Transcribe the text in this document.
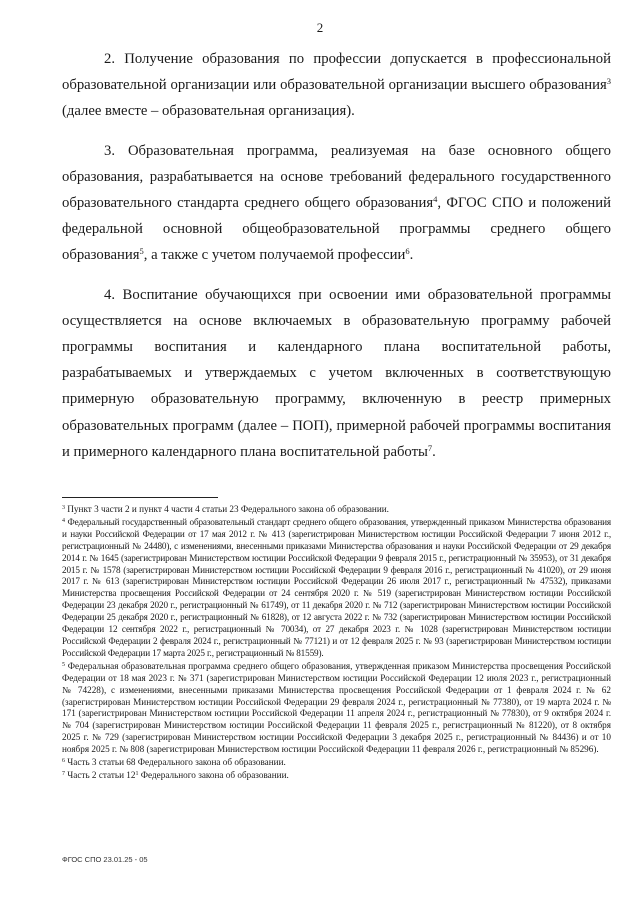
2

2. Получение образования по профессии допускается в профессиональной образовательной организации или образовательной организации высшего образования$^3$ (далее вместе – образовательная организация).

3. Образовательная программа, реализуемая на базе основного общего образования, разрабатывается на основе требований федерального государственного образовательного стандарта среднего общего образования$^4$, ФГОС СПО и положений федеральной основной общеобразовательной программы среднего общего образования$^5$, а также с учетом получаемой профессии$^6$.

4. Воспитание обучающихся при освоении ими образовательной программы осуществляется на основе включаемых в образовательную программу рабочей программы воспитания и календарного плана воспитательной работы, разрабатываемых и утверждаемых с учетом включенных в соответствующую примерную образовательную программу, включенную в реестр примерных образовательных программ (далее – ПОП), примерной рабочей программы воспитания и примерного календарного плана воспитательной работы$^7$.

$^3$ Пункт 3 части 2 и пункт 4 части 4 статьи 23 Федерального закона об образовании.

$^4$ Федеральный государственный образовательный стандарт среднего общего образования, утвержденный приказом Министерства образования и науки Российской Федерации от 17 мая 2012 г. № 413 (зарегистрирован Министерством юстиции Российской Федерации 7 июня 2012 г., регистрационный № 24480), с изменениями, внесенными приказами Министерства образования и науки Российской Федерации от 29 декабря 2014 г. № 1645 (зарегистрирован Министерством юстиции Российской Федерации 9 февраля 2015 г., регистрационный № 35953), от 31 декабря 2015 г. № 1578 (зарегистрирован Министерством юстиции Российской Федерации 9 февраля 2016 г., регистрационный № 41020), от 29 июня 2017 г. № 613 (зарегистрирован Министерством юстиции Российской Федерации 26 июля 2017 г., регистрационный № 47532), приказами Министерства просвещения Российской Федерации от 24 сентября 2020 г. № 519 (зарегистрирован Министерством юстиции Российской Федерации 23 декабря 2020 г., регистрационный № 61749), от 11 декабря 2020 г. № 712 (зарегистрирован Министерством юстиции Российской Федерации 25 декабря 2020 г., регистрационный № 61828), от 12 августа 2022 г. № 732 (зарегистрирован Министерством юстиции Российской Федерации 12 сентября 2022 г., регистрационный № 70034), от 27 декабря 2023 г. № 1028 (зарегистрирован Министерством юстиции Российской Федерации 2 февраля 2024 г., регистрационный № 77121) и от 12 февраля 2025 г. № 93 (зарегистрирован Министерством юстиции Российской Федерации 17 марта 2025 г., регистрационный № 81559).

$^5$ Федеральная образовательная программа среднего общего образования, утвержденная приказом Министерства просвещения Российской Федерации от 18 мая 2023 г. № 371 (зарегистрирован Министерством юстиции Российской Федерации 12 июля 2023 г., регистрационный № 74228), с изменениями, внесенными приказами Министерства просвещения Российской Федерации от 1 февраля 2024 г. № 62 (зарегистрирован Министерством юстиции Российской Федерации 29 февраля 2024 г., регистрационный № 77380), от 19 марта 2024 г. № 171 (зарегистрирован Министерством юстиции Российской Федерации 11 апреля 2024 г., регистрационный № 77830), от 9 октября 2024 г. № 704 (зарегистрирован Министерством юстиции Российской Федерации 11 февраля 2025 г., регистрационный № 81220), от 8 октября 2025 г. № 729 (зарегистрирован Министерством юстиции Российской Федерации 3 декабря 2025 г., регистрационный № 84436) и от 10 ноября 2025 г. № 808 (зарегистрирован Министерством юстиции Российской Федерации 11 февраля 2026 г., регистрационный № 85296).

$^6$ Часть 3 статьи 68 Федерального закона об образовании.

$^7$ Часть 2 статьи $12^1$ Федерального закона об образовании.

ФГОС СПО 23.01.25 - 05
